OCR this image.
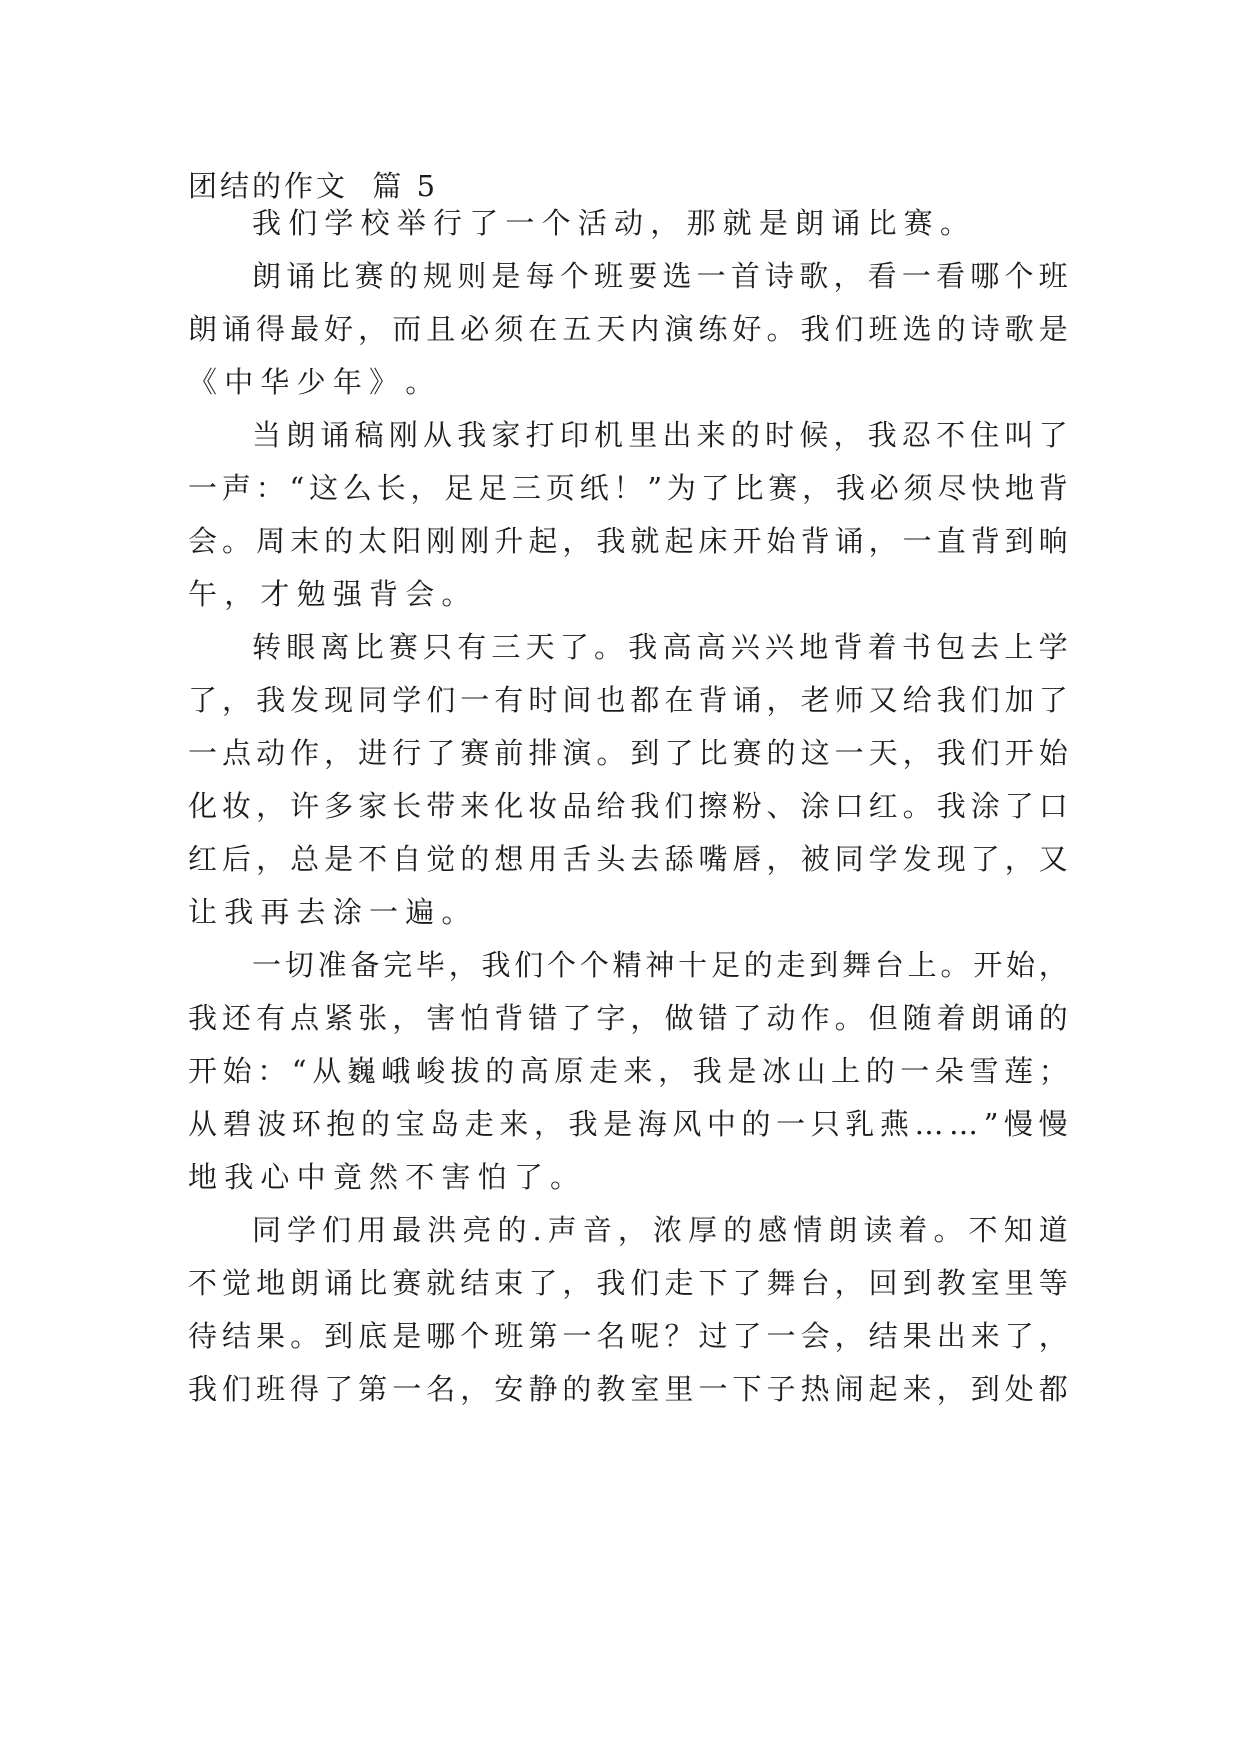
团结的作文  篇 5
我 们 学 校 举 行 了 一 个 活 动 ， 那 就 是 朗 诵 比 赛 。
朗 诵 比 赛 的 规 则 是 每 个 班 要 选 一 首 诗 歌 ， 看 一 看 哪 个 班
朗 诵 得 最 好 ， 而 且 必 须 在 五 天 内 演 练 好 。 我 们 班 选 的 诗 歌 是
《 中 华 少 年 》 。
当 朗 诵 稿 刚 从 我 家 打 印 机 里 出 来 的 时 候 ， 我 忍 不 住 叫 了
一 声 ： “ 这 么 长 ， 足 足 三 页 纸 ！ ” 为 了 比 赛 ， 我 必 须 尽 快 地 背
会 。 周 末 的 太 阳 刚 刚 升 起 ， 我 就 起 床 开 始 背 诵 ， 一 直 背 到 晌
午 ， 才 勉 强 背 会 。
转 眼 离 比 赛 只 有 三 天 了 。 我 高 高 兴 兴 地 背 着 书 包 去 上 学
了 ， 我 发 现 同 学 们 一 有 时 间 也 都 在 背 诵 ， 老 师 又 给 我 们 加 了
一 点 动 作 ， 进 行 了 赛 前 排 演 。 到 了 比 赛 的 这 一 天 ， 我 们 开 始
化 妆 ， 许 多 家 长 带 来 化 妆 品 给 我 们 擦 粉 、 涂 口 红 。 我 涂 了 口
红 后 ， 总 是 不 自 觉 的 想 用 舌 头 去 舔 嘴 唇 ， 被 同 学 发 现 了 ， 又
让 我 再 去 涂 一 遍 。
一 切 准 备 完 毕 ， 我 们 个 个 精 神 十 足 的 走 到 舞 台 上 。 开 始 ，
我 还 有 点 紧 张 ， 害 怕 背 错 了 字 ， 做 错 了 动 作 。 但 随 着 朗 诵 的
开 始 ： “ 从 巍 峨 峻 拔 的 高 原 走 来 ， 我 是 冰 山 上 的 一 朵 雪 莲 ；
从 碧 波 环 抱 的 宝 岛 走 来 ， 我 是 海 风 中 的 一 只 乳 燕 … … ” 慢 慢
地 我 心 中 竟 然 不 害 怕 了 。
同 学 们 用 最 洪 亮 的 . 声 音 ， 浓 厚 的 感 情 朗 读 着 。 不 知 道
不 觉 地 朗 诵 比 赛 就 结 束 了 ， 我 们 走 下 了 舞 台 ， 回 到 教 室 里 等
待 结 果 。 到 底 是 哪 个 班 第 一 名 呢 ？ 过 了 一 会 ， 结 果 出 来 了 ，
我 们 班 得 了 第 一 名 ， 安 静 的 教 室 里 一 下 子 热 闹 起 来 ， 到 处 都
